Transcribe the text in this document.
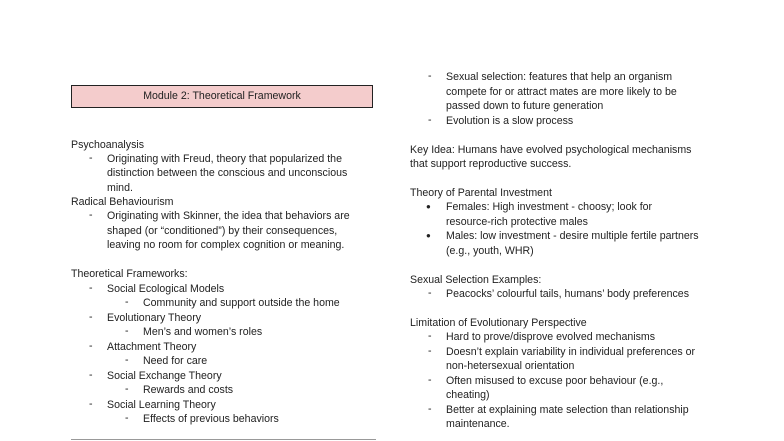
Module 2: Theoretical Framework
Psychoanalysis
- Originating with Freud, theory that popularized the
distinction between the conscious and unconscious
mind.
Radical Behaviourism
- Originating with Skinner, the idea that behaviors are
shaped (or “conditioned”) by their consequences,
leaving no room for complex cognition or meaning.
Theoretical Frameworks:
- Social Ecological Models
- Community and support outside the home
- Evolutionary Theory
- Men’s and women’s roles
- Attachment Theory
- Need for care
- Social Exchange Theory
- Rewards and costs
- Social Learning Theory
- Effects of previous behaviors
- Sexual selection: features that help an organism
compete for or attract mates are more likely to be
passed down to future generation
- Evolution is a slow process
Key Idea: Humans have evolved psychological mechanisms
that support reproductive success.
Theory of Parental Investment
● Females: High investment - choosy; look for
resource-rich protective males
● Males: low investment - desire multiple fertile partners
(e.g., youth, WHR)
Sexual Selection Examples:
- Peacocks’ colourful tails, humans’ body preferences
Limitation of Evolutionary Perspective
- Hard to prove/disprove evolved mechanisms
- Doesn’t explain variability in individual preferences or
non-hetersexual orientation
- Often misused to excuse poor behaviour (e.g.,
cheating)
- Better at explaining mate selection than relationship
maintenance.
